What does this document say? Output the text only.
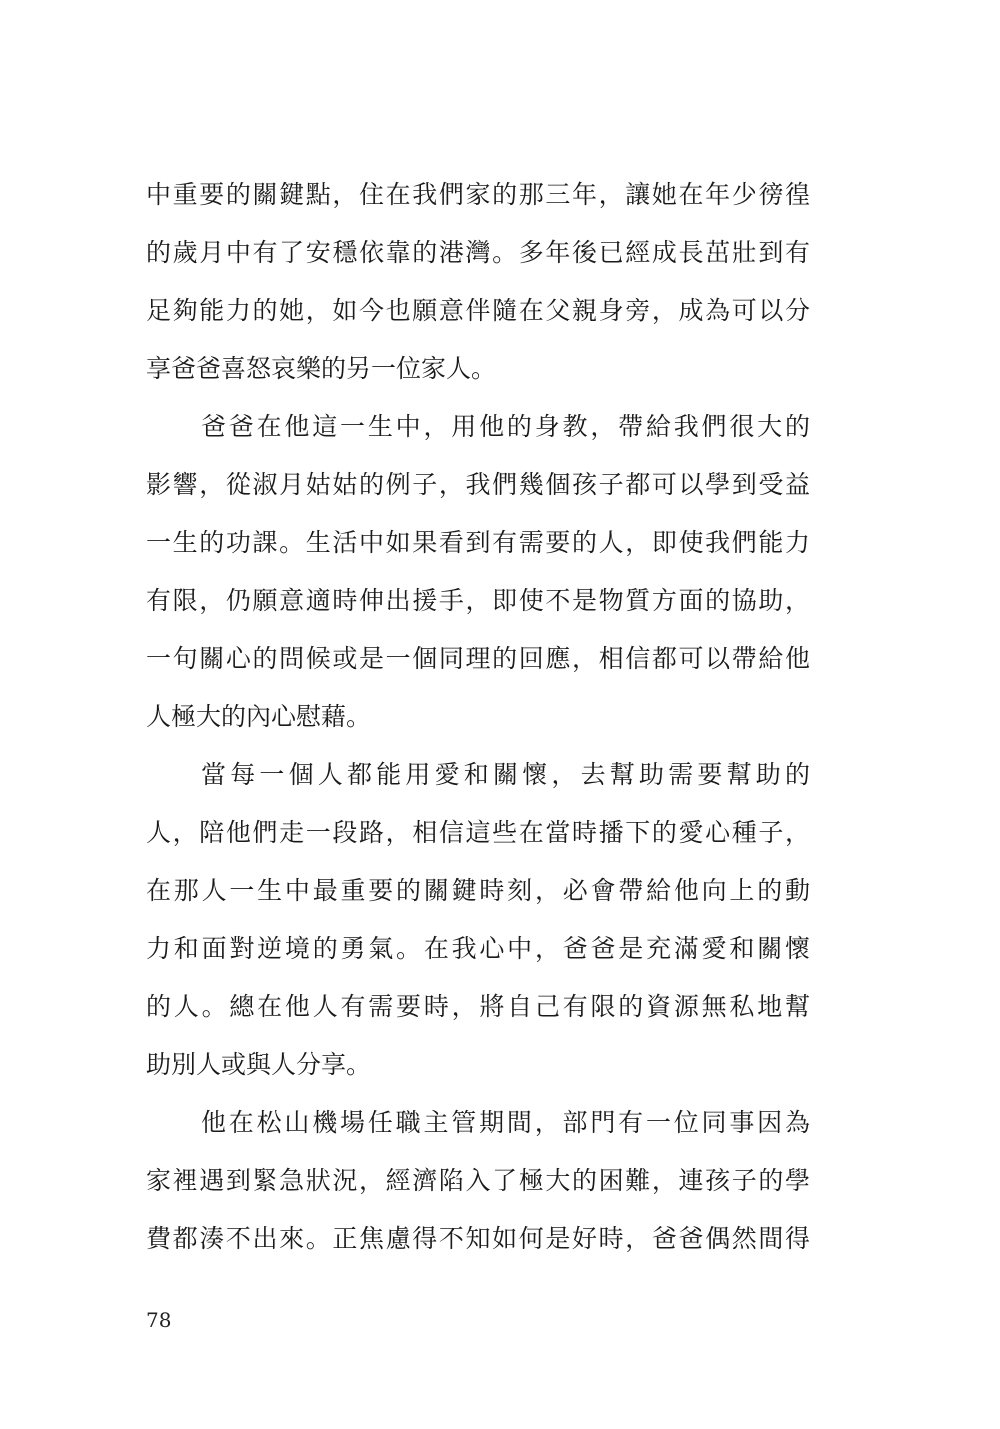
中重要的關鍵點，住在我們家的那三年，讓她在年少徬徨
的歲月中有了安穩依靠的港灣。多年後已經成長茁壯到有
足夠能力的她，如今也願意伴隨在父親身旁，成為可以分
享爸爸喜怒哀樂的另一位家人。
爸爸在他這一生中，用他的身教，帶給我們很大的
影響，從淑月姑姑的例子，我們幾個孩子都可以學到受益
一生的功課。生活中如果看到有需要的人，即使我們能力
有限，仍願意適時伸出援手，即使不是物質方面的協助，
一句關心的問候或是一個同理的回應，相信都可以帶給他
人極大的內心慰藉。
當每一個人都能用愛和關懷，去幫助需要幫助的
人，陪他們走一段路，相信這些在當時播下的愛心種子，
在那人一生中最重要的關鍵時刻，必會帶給他向上的動
力和面對逆境的勇氣。在我心中，爸爸是充滿愛和關懷
的人。總在他人有需要時，將自己有限的資源無私地幫
助別人或與人分享。
他在松山機場任職主管期間，部門有一位同事因為
家裡遇到緊急狀況，經濟陷入了極大的困難，連孩子的學
費都湊不出來。正焦慮得不知如何是好時，爸爸偶然間得
78
